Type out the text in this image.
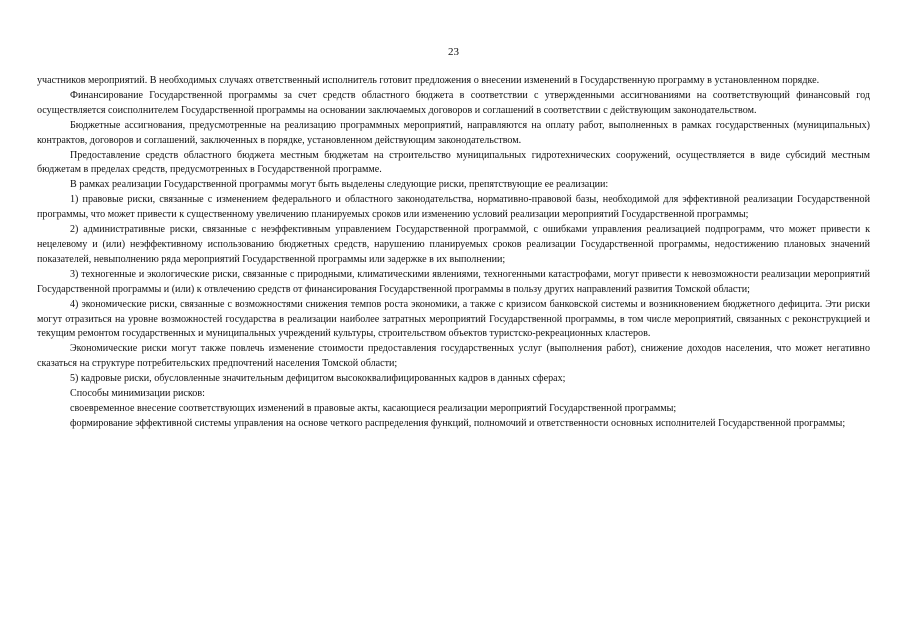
23

участников мероприятий. В необходимых случаях ответственный исполнитель готовит предложения о внесении изменений в Государственную программу в установленном порядке.

Финансирование Государственной программы за счет средств областного бюджета в соответствии с утвержденными ассигнованиями на соответствующий финансовый год осуществляется соисполнителем Государственной программы на основании заключаемых договоров и соглашений в соответствии с действующим законодательством.

Бюджетные ассигнования, предусмотренные на реализацию программных мероприятий, направляются на оплату работ, выполненных в рамках государственных (муниципальных) контрактов, договоров и соглашений, заключенных в порядке, установленном действующим законодательством.

Предоставление средств областного бюджета местным бюджетам на строительство муниципальных гидротехнических сооружений, осуществляется в виде субсидий местным бюджетам в пределах средств, предусмотренных в Государственной программе.

В рамках реализации Государственной программы могут быть выделены следующие риски, препятствующие ее реализации:

1) правовые риски, связанные с изменением федерального и областного законодательства, нормативно-правовой базы, необходимой для эффективной реализации Государственной программы, что может привести к существенному увеличению планируемых сроков или изменению условий реализации мероприятий Государственной программы;

2) административные риски, связанные с неэффективным управлением Государственной программой, с ошибками управления реализацией подпрограмм, что может привести к нецелевому и (или) неэффективному использованию бюджетных средств, нарушению планируемых сроков реализации Государственной программы, недостижению плановых значений показателей, невыполнению ряда мероприятий Государственной программы или задержке в их выполнении;

3) техногенные и экологические риски, связанные с природными, климатическими явлениями, техногенными катастрофами, могут привести к невозможности реализации мероприятий Государственной программы и (или) к отвлечению средств от финансирования Государственной программы в пользу других направлений развития Томской области;

4) экономические риски, связанные с возможностями снижения темпов роста экономики, а также с кризисом банковской системы и возникновением бюджетного дефицита. Эти риски могут отразиться на уровне возможностей государства в реализации наиболее затратных мероприятий Государственной программы, в том числе мероприятий, связанных с реконструкцией и текущим ремонтом государственных и муниципальных учреждений культуры, строительством объектов туристско-рекреационных кластеров.

Экономические риски могут также повлечь изменение стоимости предоставления государственных услуг (выполнения работ), снижение доходов населения, что может негативно сказаться на структуре потребительских предпочтений населения Томской области;

5) кадровые риски, обусловленные значительным дефицитом высококвалифицированных кадров в данных сферах;

Способы минимизации рисков:

своевременное внесение соответствующих изменений в правовые акты, касающиеся реализации мероприятий Государственной программы;

формирование эффективной системы управления на основе четкого распределения функций, полномочий и ответственности основных исполнителей Государственной программы;
